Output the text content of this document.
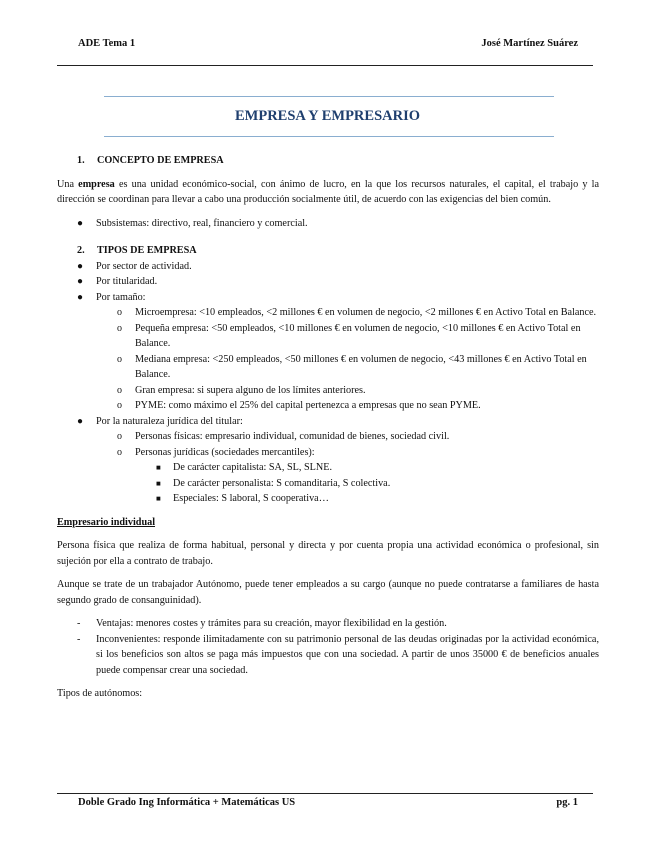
ADE Tema 1	José Martínez Suárez
EMPRESA Y EMPRESARIO

1. CONCEPTO DE EMPRESA

Una empresa es una unidad económico-social, con ánimo de lucro, en la que los recursos naturales, el capital, el trabajo y la dirección se coordinan para llevar a cabo una producción socialmente útil, de acuerdo con las exigencias del bien común.

● Subsistemas: directivo, real, financiero y comercial.

2. TIPOS DE EMPRESA

● Por sector de actividad.
● Por titularidad.
● Por tamaño:
o Microempresa: <10 empleados, <2 millones € en volumen de negocio, <2 millones € en Activo Total en Balance.
o Pequeña empresa: <50 empleados, <10 millones € en volumen de negocio, <10 millones € en Activo Total en Balance.
o Mediana empresa: <250 empleados, <50 millones € en volumen de negocio, <43 millones € en Activo Total en Balance.
o Gran empresa: si supera alguno de los límites anteriores.
o PYME: como máximo el 25% del capital pertenezca a empresas que no sean PYME.
● Por la naturaleza jurídica del titular:
o Personas físicas: empresario individual, comunidad de bienes, sociedad civil.
o Personas jurídicas (sociedades mercantiles):
■ De carácter capitalista: SA, SL, SLNE.
■ De carácter personalista: S comanditaria, S colectiva.
■ Especiales: S laboral, S cooperativa…

Empresario individual

Persona física que realiza de forma habitual, personal y directa y por cuenta propia una actividad económica o profesional, sin sujeción por ella a contrato de trabajo.

Aunque se trate de un trabajador Autónomo, puede tener empleados a su cargo (aunque no puede contratarse a familiares de hasta segundo grado de consanguinidad).

- Ventajas: menores costes y trámites para su creación, mayor flexibilidad en la gestión.
- Inconvenientes: responde ilimitadamente con su patrimonio personal de las deudas originadas por la actividad económica, si los beneficios son altos se paga más impuestos que con una sociedad. A partir de unos 35000 € de beneficios anuales puede compensar crear una sociedad.

Tipos de autónomos:

Doble Grado Ing Informática + Matemáticas US	pg. 1
